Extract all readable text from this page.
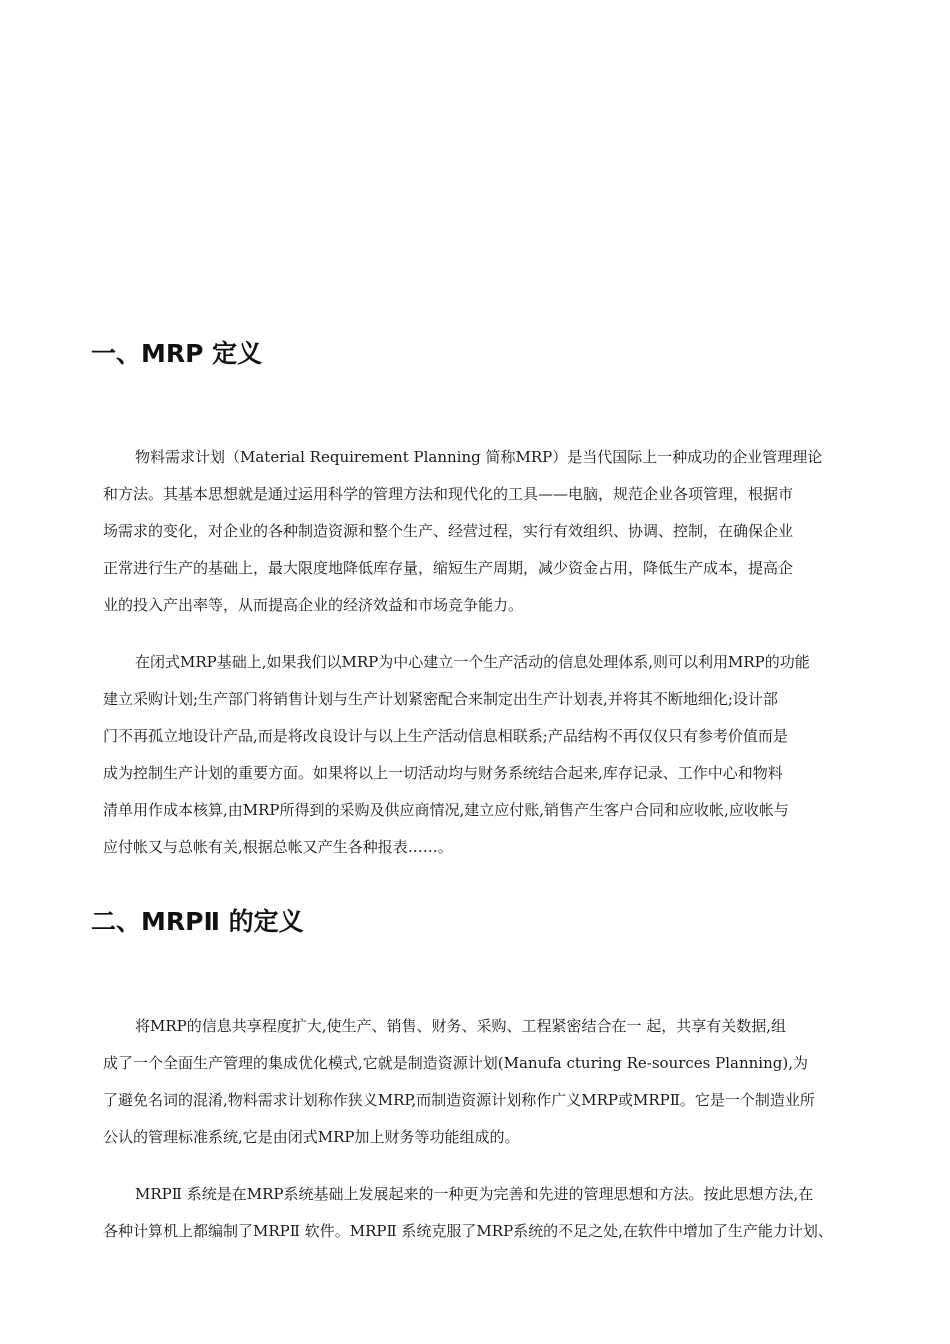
一、MRP 定义

物料需求计划（Material Requirement Planning 简称MRP）是当代国际上一种成功的企业管理理论
和方法。其基本思想就是通过运用科学的管理方法和现代化的工具——电脑，规范企业各项管理，根据市
场需求的变化，对企业的各种制造资源和整个生产、经营过程，实行有效组织、协调、控制，在确保企业
正常进行生产的基础上，最大限度地降低库存量，缩短生产周期，减少资金占用，降低生产成本，提高企
业的投入产出率等，从而提高企业的经济效益和市场竞争能力。

在闭式MRP基础上,如果我们以MRP为中心建立一个生产活动的信息处理体系,则可以利用MRP的功能
建立采购计划;生产部门将销售计划与生产计划紧密配合来制定出生产计划表,并将其不断地细化;设计部
门不再孤立地设计产品,而是将改良设计与以上生产活动信息相联系;产品结构不再仅仅只有参考价值而是
成为控制生产计划的重要方面。如果将以上一切活动均与财务系统结合起来,库存记录、工作中心和物料
清单用作成本核算,由MRP所得到的采购及供应商情况,建立应付账,销售产生客户合同和应收帐,应收帐与
应付帐又与总帐有关,根据总帐又产生各种报表……。

二、MRPⅡ 的定义

将MRP的信息共享程度扩大,使生产、销售、财务、采购、工程紧密结合在一 起，共享有关数据,组
成了一个全面生产管理的集成优化模式,它就是制造资源计划(Manufa cturing Re-sources Planning),为
了避免名词的混淆,物料需求计划称作狭义MRP,而制造资源计划称作广义MRP或MRPⅡ。它是一个制造业所
公认的管理标准系统,它是由闭式MRP加上财务等功能组成的。

MRPⅡ 系统是在MRP系统基础上发展起来的一种更为完善和先进的管理思想和方法。按此思想方法,在
各种计算机上都编制了MRPⅡ 软件。MRPⅡ 系统克服了MRP系统的不足之处,在软件中增加了生产能力计划、
